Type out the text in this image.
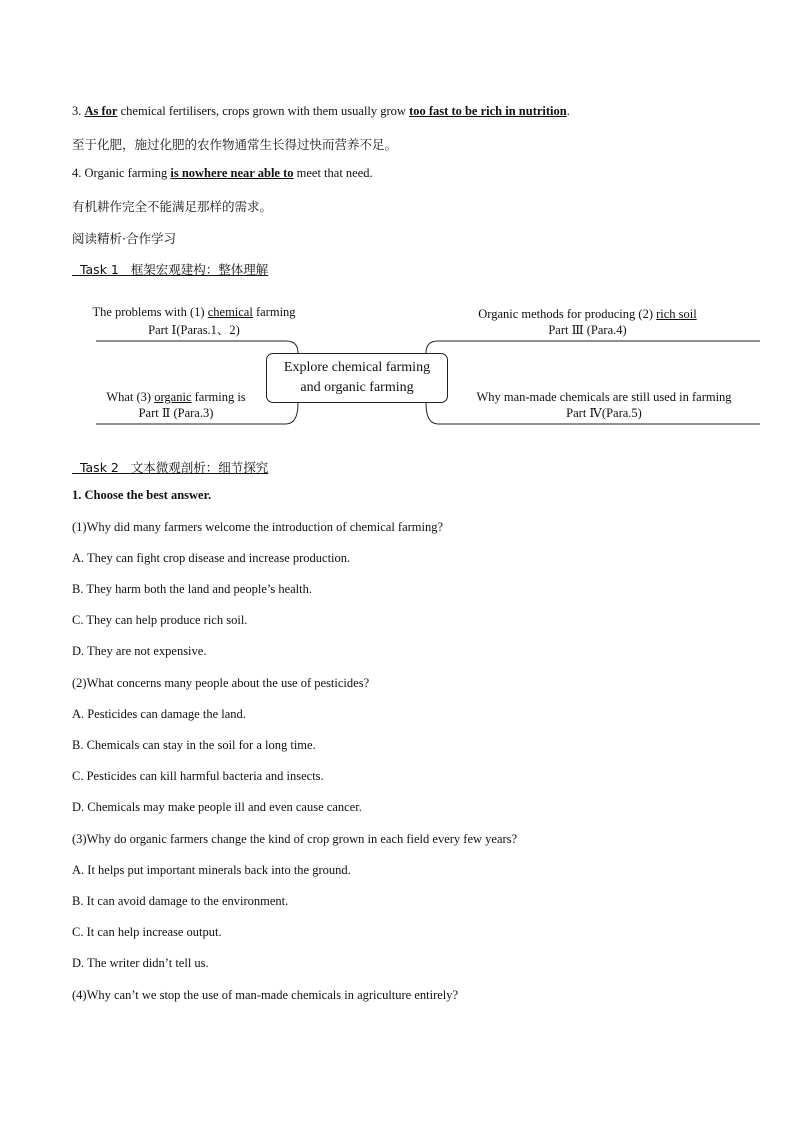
3. As for chemical fertilisers, crops grown with them usually grow too fast to be rich in nutrition.
至于化肥，施过化肥的农作物通常生长得过快而营养不足。
4. Organic farming is nowhere near able to meet that need.
有机耕作完全不能满足那样的需求。
阅读精析·合作学习
Task 1 框架宏观建构：整体理解
Explore chemical farming
and organic farming
The problems with (1) chemical farming
Part Ⅰ(Paras.1、2)
Organic methods for producing (2) rich soil
Part Ⅲ (Para.4)
What (3) organic farming is
Part Ⅱ (Para.3)
Why man-made chemicals are still used in farming
Part Ⅳ(Para.5)
Task 2 文本微观剖析：细节探究
1. Choose the best answer.
(1)Why did many farmers welcome the introduction of chemical farming?
A. They can fight crop disease and increase production.
B. They harm both the land and people’s health.
C. They can help produce rich soil.
D. They are not expensive.
(2)What concerns many people about the use of pesticides?
A. Pesticides can damage the land.
B. Chemicals can stay in the soil for a long time.
C. Pesticides can kill harmful bacteria and insects.
D. Chemicals may make people ill and even cause cancer.
(3)Why do organic farmers change the kind of crop grown in each field every few years?
A. It helps put important minerals back into the ground.
B. It can avoid damage to the environment.
C. It can help increase output.
D. The writer didn’t tell us.
(4)Why can’t we stop the use of man-made chemicals in agriculture entirely?
